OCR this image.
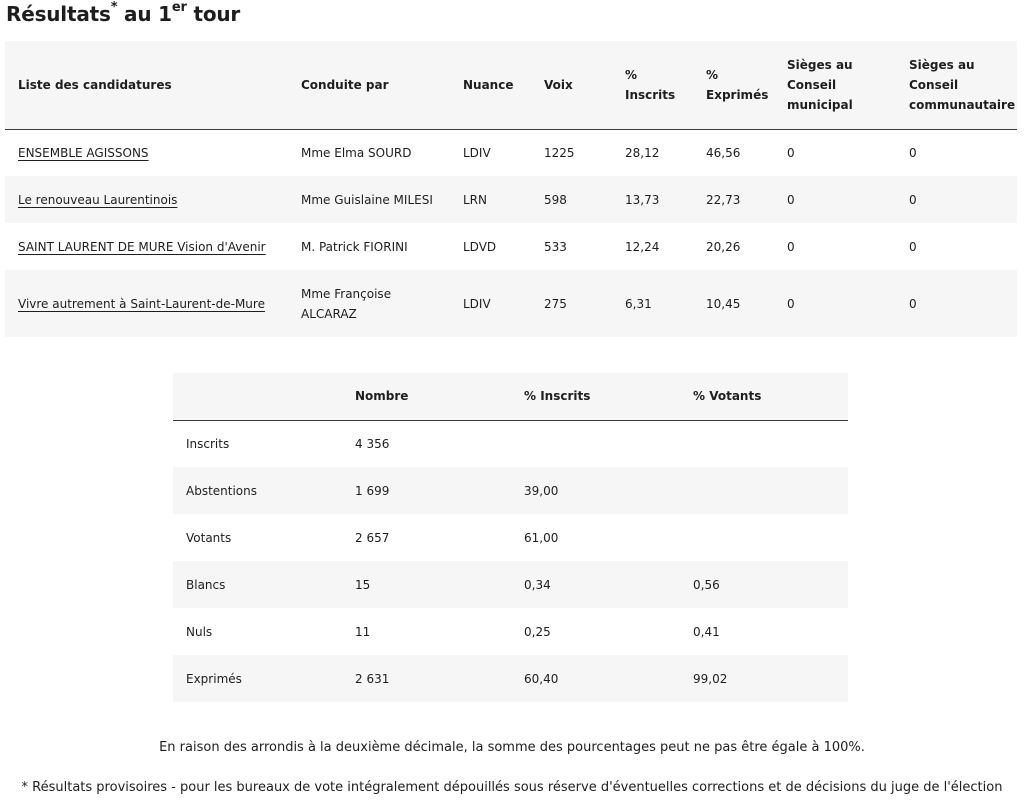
Résultats* au 1er tour
Liste des candidatures	Conduite par	Nuance	Voix	% Inscrits	% Exprimés	Sièges au Conseil municipal	Sièges au Conseil communautaire
ENSEMBLE AGISSONS	Mme Elma SOURD	LDIV	1225	28,12	46,56	0	0
Le renouveau Laurentinois	Mme Guislaine MILESI	LRN	598	13,73	22,73	0	0
SAINT LAURENT DE MURE Vision d'Avenir	M. Patrick FIORINI	LDVD	533	12,24	20,26	0	0
Vivre autrement à Saint-Laurent-de-Mure	Mme Françoise ALCARAZ	LDIV	275	6,31	10,45	0	0
	Nombre	% Inscrits	% Votants
Inscrits	4 356		
Abstentions	1 699	39,00	
Votants	2 657	61,00	
Blancs	15	0,34	0,56
Nuls	11	0,25	0,41
Exprimés	2 631	60,40	99,02
En raison des arrondis à la deuxième décimale, la somme des pourcentages peut ne pas être égale à 100%.
* Résultats provisoires - pour les bureaux de vote intégralement dépouillés sous réserve d'éventuelles corrections et de décisions du juge de l'élection
